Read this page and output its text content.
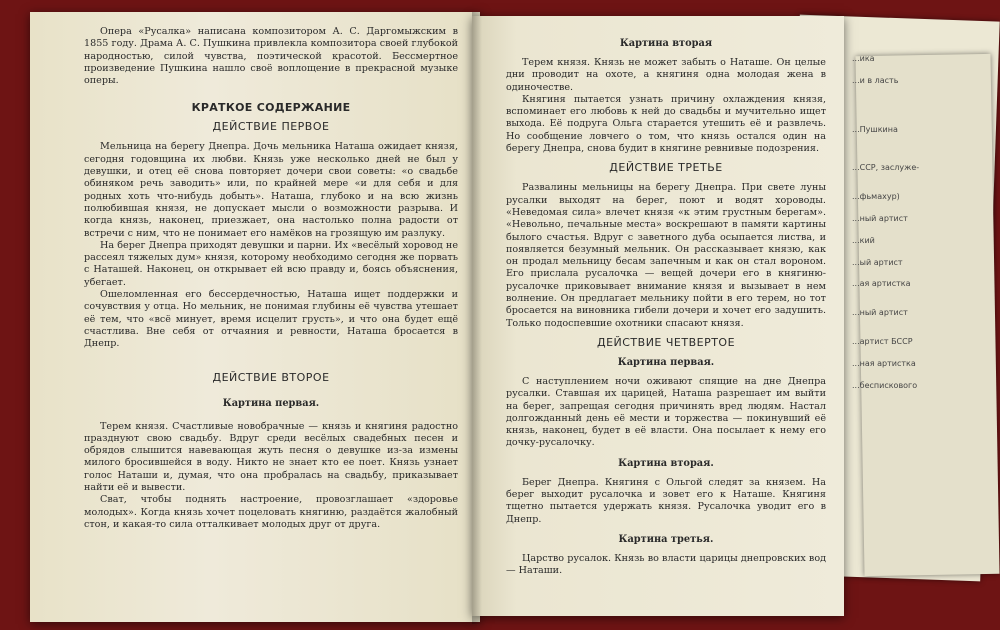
...ика
...и в ласть
...Пушкина
...ССР, заслуже-
...фьмахур)
...ный артист
...кий
...ый артист
...ая артистка
...ный артист
...артист БССР
...ная артистка
...беспискового

Опера «Русалка» написана композитором А. С. Даргомыжским в 1855 году. Драма А. С. Пушкина привлекла композитора своей глубокой народностью, силой чувства, поэтической красотой. Бессмертное произведение Пушкина нашло своё воплощение в прекрасной музыке оперы.

КРАТКОЕ СОДЕРЖАНИЕ
ДЕЙСТВИЕ ПЕРВОЕ

Мельница на берегу Днепра. Дочь мельника Наташа ожидает князя, сегодня годовщина их любви. Князь уже несколько дней не был у девушки, и отец её снова повторяет дочери свои советы: «о свадьбе обиняком речь заводить» или, по крайней мере «и для себя и для родных хоть что-нибудь добыть». Наташа, глубоко и на всю жизнь полюбившая князя, не допускает мысли о возможности разрыва. И когда князь, наконец, приезжает, она настолько полна радости от встречи с ним, что не понимает его намёков на грозящую им разлуку.

На берег Днепра приходят девушки и парни. Их «весёлый хоровод не рассеял тяжелых дум» князя, которому необходимо сегодня же порвать с Наташей. Наконец, он открывает ей всю правду и, боясь объяснения, убегает.

Ошеломленная его бессердечностью, Наташа ищет поддержки и сочувствия у отца. Но мельник, не понимая глубины её чувства утешает её тем, что «всё минует, время исцелит грусть», и что она будет ещё счастлива. Вне себя от отчаяния и ревности, Наташа бросается в Днепр.

ДЕЙСТВИЕ ВТОРОЕ
Картина первая.

Терем князя. Счастливые новобрачные — князь и княгиня радостно празднуют свою свадьбу. Вдруг среди весёлых свадебных песен и обрядов слышится навевающая жуть песня о девушке из-за измены милого бросившейся в воду. Никто не знает кто ее поет. Князь узнает голос Наташи и, думая, что она пробралась на свадьбу, приказывает найти её и вывести.

Сват, чтобы поднять настроение, провозглашает «здоровье молодых». Когда князь хочет поцеловать княгиню, раздаётся жалобный стон, и какая-то сила отталкивает молодых друг от друга.

Картина вторая

Терем князя. Князь не может забыть о Наташе. Он целые дни проводит на охоте, а княгиня одна молодая жена в одиночестве.

Княгиня пытается узнать причину охлаждения князя, вспоминает его любовь к ней до свадьбы и мучительно ищет выхода. Её подруга Ольга старается утешить её и развлечь. Но сообщение ловчего о том, что князь остался один на берегу Днепра, снова будит в княгине ревнивые подозрения.

ДЕЙСТВИЕ ТРЕТЬЕ

Развалины мельницы на берегу Днепра. При свете луны русалки выходят на берег, поют и водят хороводы. «Неведомая сила» влечет князя «к этим грустным берегам». «Невольно, печальные места» воскрешают в памяти картины былого счастья. Вдруг с заветного дуба осыпается листва, и появляется безумный мельник. Он рассказывает князю, как он продал мельницу бесам запечным и как он стал вороном. Его прислала русалочка — вещей дочери его в княгиню-русалочке приковывает внимание князя и вызывает в нем волнение. Он предлагает мельнику пойти в его терем, но тот бросается на виновника гибели дочери и хочет его задушить. Только подоспевшие охотники спасают князя.

ДЕЙСТВИЕ ЧЕТВЕРТОЕ
Картина первая.

С наступлением ночи оживают спящие на дне Днепра русалки. Ставшая их царицей, Наташа разрешает им выйти на берег, запрещая сегодня причинять вред людям. Настал долгожданный день её мести и торжества — покинувший её князь, наконец, будет в её власти. Она посылает к нему его дочку-русалочку.

Картина вторая.

Берег Днепра. Княгиня с Ольгой следят за князем. На берег выходит русалочка и зовет его к Наташе. Княгиня тщетно пытается удержать князя. Русалочка уводит его в Днепр.

Картина третья.

Царство русалок. Князь во власти царицы днепровских вод — Наташи.
